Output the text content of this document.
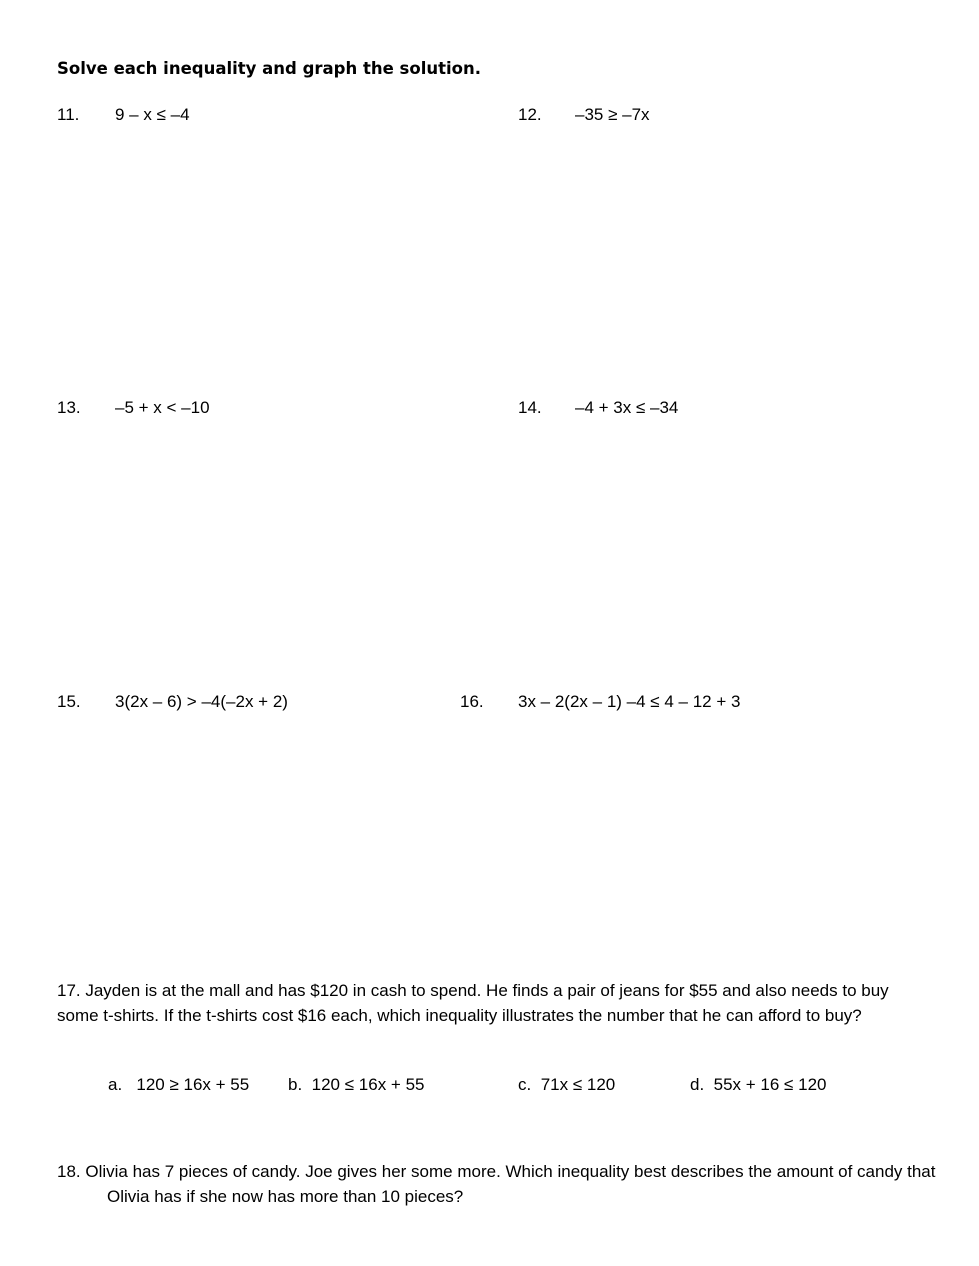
Solve each inequality and graph the solution.
11. 9 – x ≤ –4	12. –35 ≥ –7x
13. –5 + x < –10	14. –4 + 3x ≤ –34
15. 3(2x – 6) > –4(–2x + 2)	16. 3x – 2(2x – 1) –4 ≤ 4 – 12 + 3
17. Jayden is at the mall and has $120 in cash to spend. He finds a pair of jeans for $55 and also needs to buy some t-shirts. If the t-shirts cost $16 each, which inequality illustrates the number that he can afford to buy?
a. 120 ≥ 16x + 55 b. 120 ≤ 16x + 55	c. 71x ≤ 120	d. 55x + 16 ≤ 120
18. Olivia has 7 pieces of candy. Joe gives her some more. Which inequality best describes the amount of candy that Olivia has if she now has more than 10 pieces?
